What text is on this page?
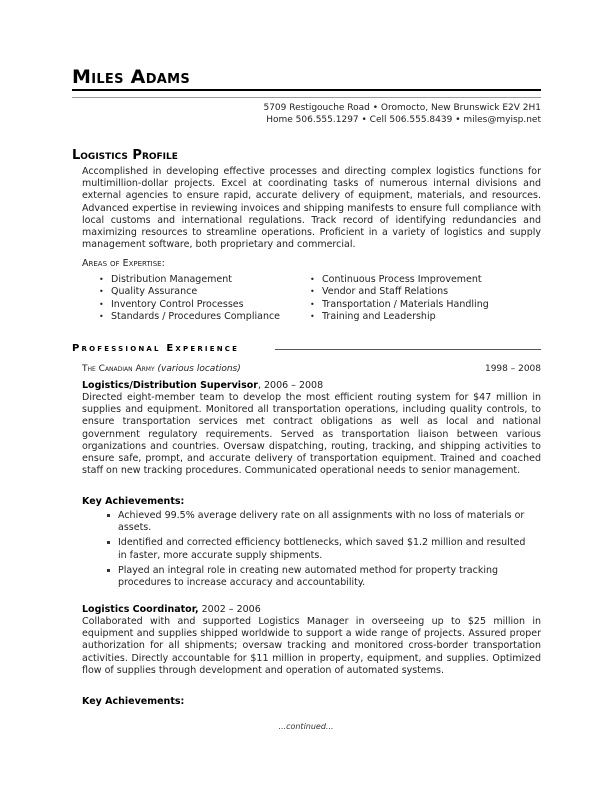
Miles Adams
5709 Restigouche Road • Oromocto, New Brunswick E2V 2H1
Home 506.555.1297 • Cell 506.555.8439 • miles@myisp.net
Logistics Profile
Accomplished in developing effective processes and directing complex logistics functions for multimillion-dollar projects. Excel at coordinating tasks of numerous internal divisions and external agencies to ensure rapid, accurate delivery of equipment, materials, and resources. Advanced expertise in reviewing invoices and shipping manifests to ensure full compliance with local customs and international regulations. Track record of identifying redundancies and maximizing resources to streamline operations. Proficient in a variety of logistics and supply management software, both proprietary and commercial.
Areas of Expertise:
• Distribution Management
• Quality Assurance
• Inventory Control Processes
• Standards / Procedures Compliance
• Continuous Process Improvement
• Vendor and Staff Relations
• Transportation / Materials Handling
• Training and Leadership
Professional Experience
The Canadian Army (various locations)	1998 – 2008
Logistics/Distribution Supervisor, 2006 – 2008
Directed eight-member team to develop the most efficient routing system for $47 million in supplies and equipment. Monitored all transportation operations, including quality controls, to ensure transportation services met contract obligations as well as local and national government regulatory requirements. Served as transportation liaison between various organizations and countries. Oversaw dispatching, routing, tracking, and shipping activities to ensure safe, prompt, and accurate delivery of transportation equipment. Trained and coached staff on new tracking procedures. Communicated operational needs to senior management.
Key Achievements:
Achieved 99.5% average delivery rate on all assignments with no loss of materials or assets.
Identified and corrected efficiency bottlenecks, which saved $1.2 million and resulted in faster, more accurate supply shipments.
Played an integral role in creating new automated method for property tracking procedures to increase accuracy and accountability.
Logistics Coordinator, 2002 – 2006
Collaborated with and supported Logistics Manager in overseeing up to $25 million in equipment and supplies shipped worldwide to support a wide range of projects. Assured proper authorization for all shipments; oversaw tracking and monitored cross-border transportation activities. Directly accountable for $11 million in property, equipment, and supplies. Optimized flow of supplies through development and operation of automated systems.
Key Achievements:
...continued...
